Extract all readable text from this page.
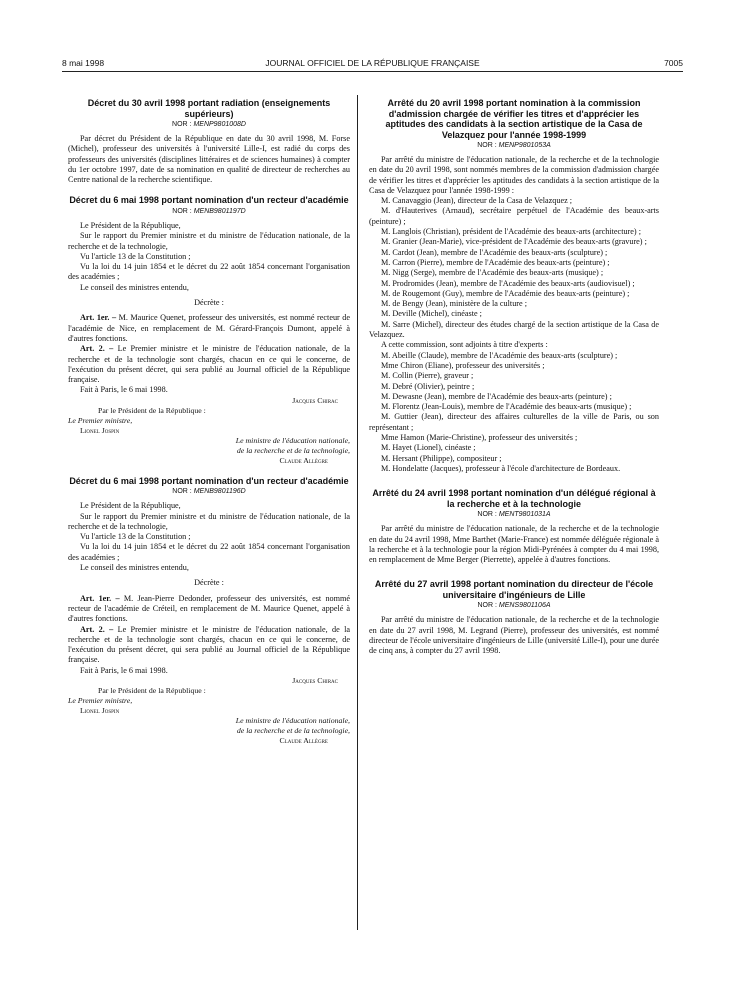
8 mai 1998	JOURNAL OFFICIEL DE LA RÉPUBLIQUE FRANÇAISE	7005
Décret du 30 avril 1998 portant radiation (enseignements supérieurs)
NOR : MENP9801008D

Par décret du Président de la République en date du 30 avril 1998, M. Forse (Michel), professeur des universités à l'université Lille-I, est radié du corps des professeurs des universités (disciplines littéraires et de sciences humaines) à compter du 1er octobre 1997, date de sa nomination en qualité de directeur de recherches au Centre national de la recherche scientifique.

Décret du 6 mai 1998 portant nomination d'un recteur d'académie
NOR : MENB9801197D

Le Président de la République,

Sur le rapport du Premier ministre et du ministre de l'éducation nationale, de la recherche et de la technologie,

Vu l'article 13 de la Constitution ;

Vu la loi du 14 juin 1854 et le décret du 22 août 1854 concernant l'organisation des académies ;

Le conseil des ministres entendu,

Décrète :

Art. 1er. – M. Maurice Quenet, professeur des universités, est nommé recteur de l'académie de Nice, en remplacement de M. Gérard-François Dumont, appelé à d'autres fonctions.

Art. 2. – Le Premier ministre et le ministre de l'éducation nationale, de la recherche et de la technologie sont chargés, chacun en ce qui le concerne, de l'exécution du présent décret, qui sera publié au Journal officiel de la République française.

Fait à Paris, le 6 mai 1998.

Jacques Chirac

Par le Président de la République :

Le Premier ministre,

Lionel Jospin

Le ministre de l'éducation nationale,

de la recherche et de la technologie,

Claude Allègre

Décret du 6 mai 1998 portant nomination d'un recteur d'académie
NOR : MENB9801196D

Le Président de la République,

Sur le rapport du Premier ministre et du ministre de l'éducation nationale, de la recherche et de la technologie,

Vu l'article 13 de la Constitution ;

Vu la loi du 14 juin 1854 et le décret du 22 août 1854 concernant l'organisation des académies ;

Le conseil des ministres entendu,

Décrète :

Art. 1er. – M. Jean-Pierre Dedonder, professeur des universités, est nommé recteur de l'académie de Créteil, en remplacement de M. Maurice Quenet, appelé à d'autres fonctions.

Art. 2. – Le Premier ministre et le ministre de l'éducation nationale, de la recherche et de la technologie sont chargés, chacun en ce qui le concerne, de l'exécution du présent décret, qui sera publié au Journal officiel de la République française.

Fait à Paris, le 6 mai 1998.

Jacques Chirac

Par le Président de la République :

Le Premier ministre,

Lionel Jospin

Le ministre de l'éducation nationale,

de la recherche et de la technologie,

Claude Allègre

Arrêté du 20 avril 1998 portant nomination à la commission d'admission chargée de vérifier les titres et d'apprécier les aptitudes des candidats à la section artistique de la Casa de Velazquez pour l'année 1998-1999
NOR : MENP9801053A

Par arrêté du ministre de l'éducation nationale, de la recherche et de la technologie en date du 20 avril 1998, sont nommés membres de la commission d'admission chargée de vérifier les titres et d'apprécier les aptitudes des candidats à la section artistique de la Casa de Velazquez pour l'année 1998-1999 :

M. Canavaggio (Jean), directeur de la Casa de Velazquez ;

M. d'Hauterives (Arnaud), secrétaire perpétuel de l'Académie des beaux-arts (peinture) ;

M. Langlois (Christian), président de l'Académie des beaux-arts (architecture) ;

M. Granier (Jean-Marie), vice-président de l'Académie des beaux-arts (gravure) ;

M. Cardot (Jean), membre de l'Académie des beaux-arts (sculpture) ;

M. Carron (Pierre), membre de l'Académie des beaux-arts (peinture) ;

M. Nigg (Serge), membre de l'Académie des beaux-arts (musique) ;

M. Prodromides (Jean), membre de l'Académie des beaux-arts (audiovisuel) ;

M. de Rougemont (Guy), membre de l'Académie des beaux-arts (peinture) ;

M. de Bengy (Jean), ministère de la culture ;

M. Deville (Michel), cinéaste ;

M. Sarre (Michel), directeur des études chargé de la section artistique de la Casa de Velazquez.

A cette commission, sont adjoints à titre d'experts :

M. Abeille (Claude), membre de l'Académie des beaux-arts (sculpture) ;

Mme Chiron (Eliane), professeur des universités ;

M. Collin (Pierre), graveur ;

M. Debré (Olivier), peintre ;

M. Dewasne (Jean), membre de l'Académie des beaux-arts (peinture) ;

M. Florentz (Jean-Louis), membre de l'Académie des beaux-arts (musique) ;

M. Guttier (Jean), directeur des affaires culturelles de la ville de Paris, ou son représentant ;

Mme Hamon (Marie-Christine), professeur des universités ;

M. Hayet (Lionel), cinéaste ;

M. Hersant (Philippe), compositeur ;

M. Hondelatte (Jacques), professeur à l'école d'architecture de Bordeaux.

Arrêté du 24 avril 1998 portant nomination d'un délégué régional à la recherche et à la technologie
NOR : MENT9801031A

Par arrêté du ministre de l'éducation nationale, de la recherche et de la technologie en date du 24 avril 1998, Mme Barthet (Marie-France) est nommée déléguée régionale à la recherche et à la technologie pour la région Midi-Pyrénées à compter du 4 mai 1998, en remplacement de Mme Berger (Pierrette), appelée à d'autres fonctions.

Arrêté du 27 avril 1998 portant nomination du directeur de l'école universitaire d'ingénieurs de Lille
NOR : MENS9801106A

Par arrêté du ministre de l'éducation nationale, de la recherche et de la technologie en date du 27 avril 1998, M. Legrand (Pierre), professeur des universités, est nommé directeur de l'école universitaire d'ingénieurs de Lille (université Lille-I), pour une durée de cinq ans, à compter du 27 avril 1998.
